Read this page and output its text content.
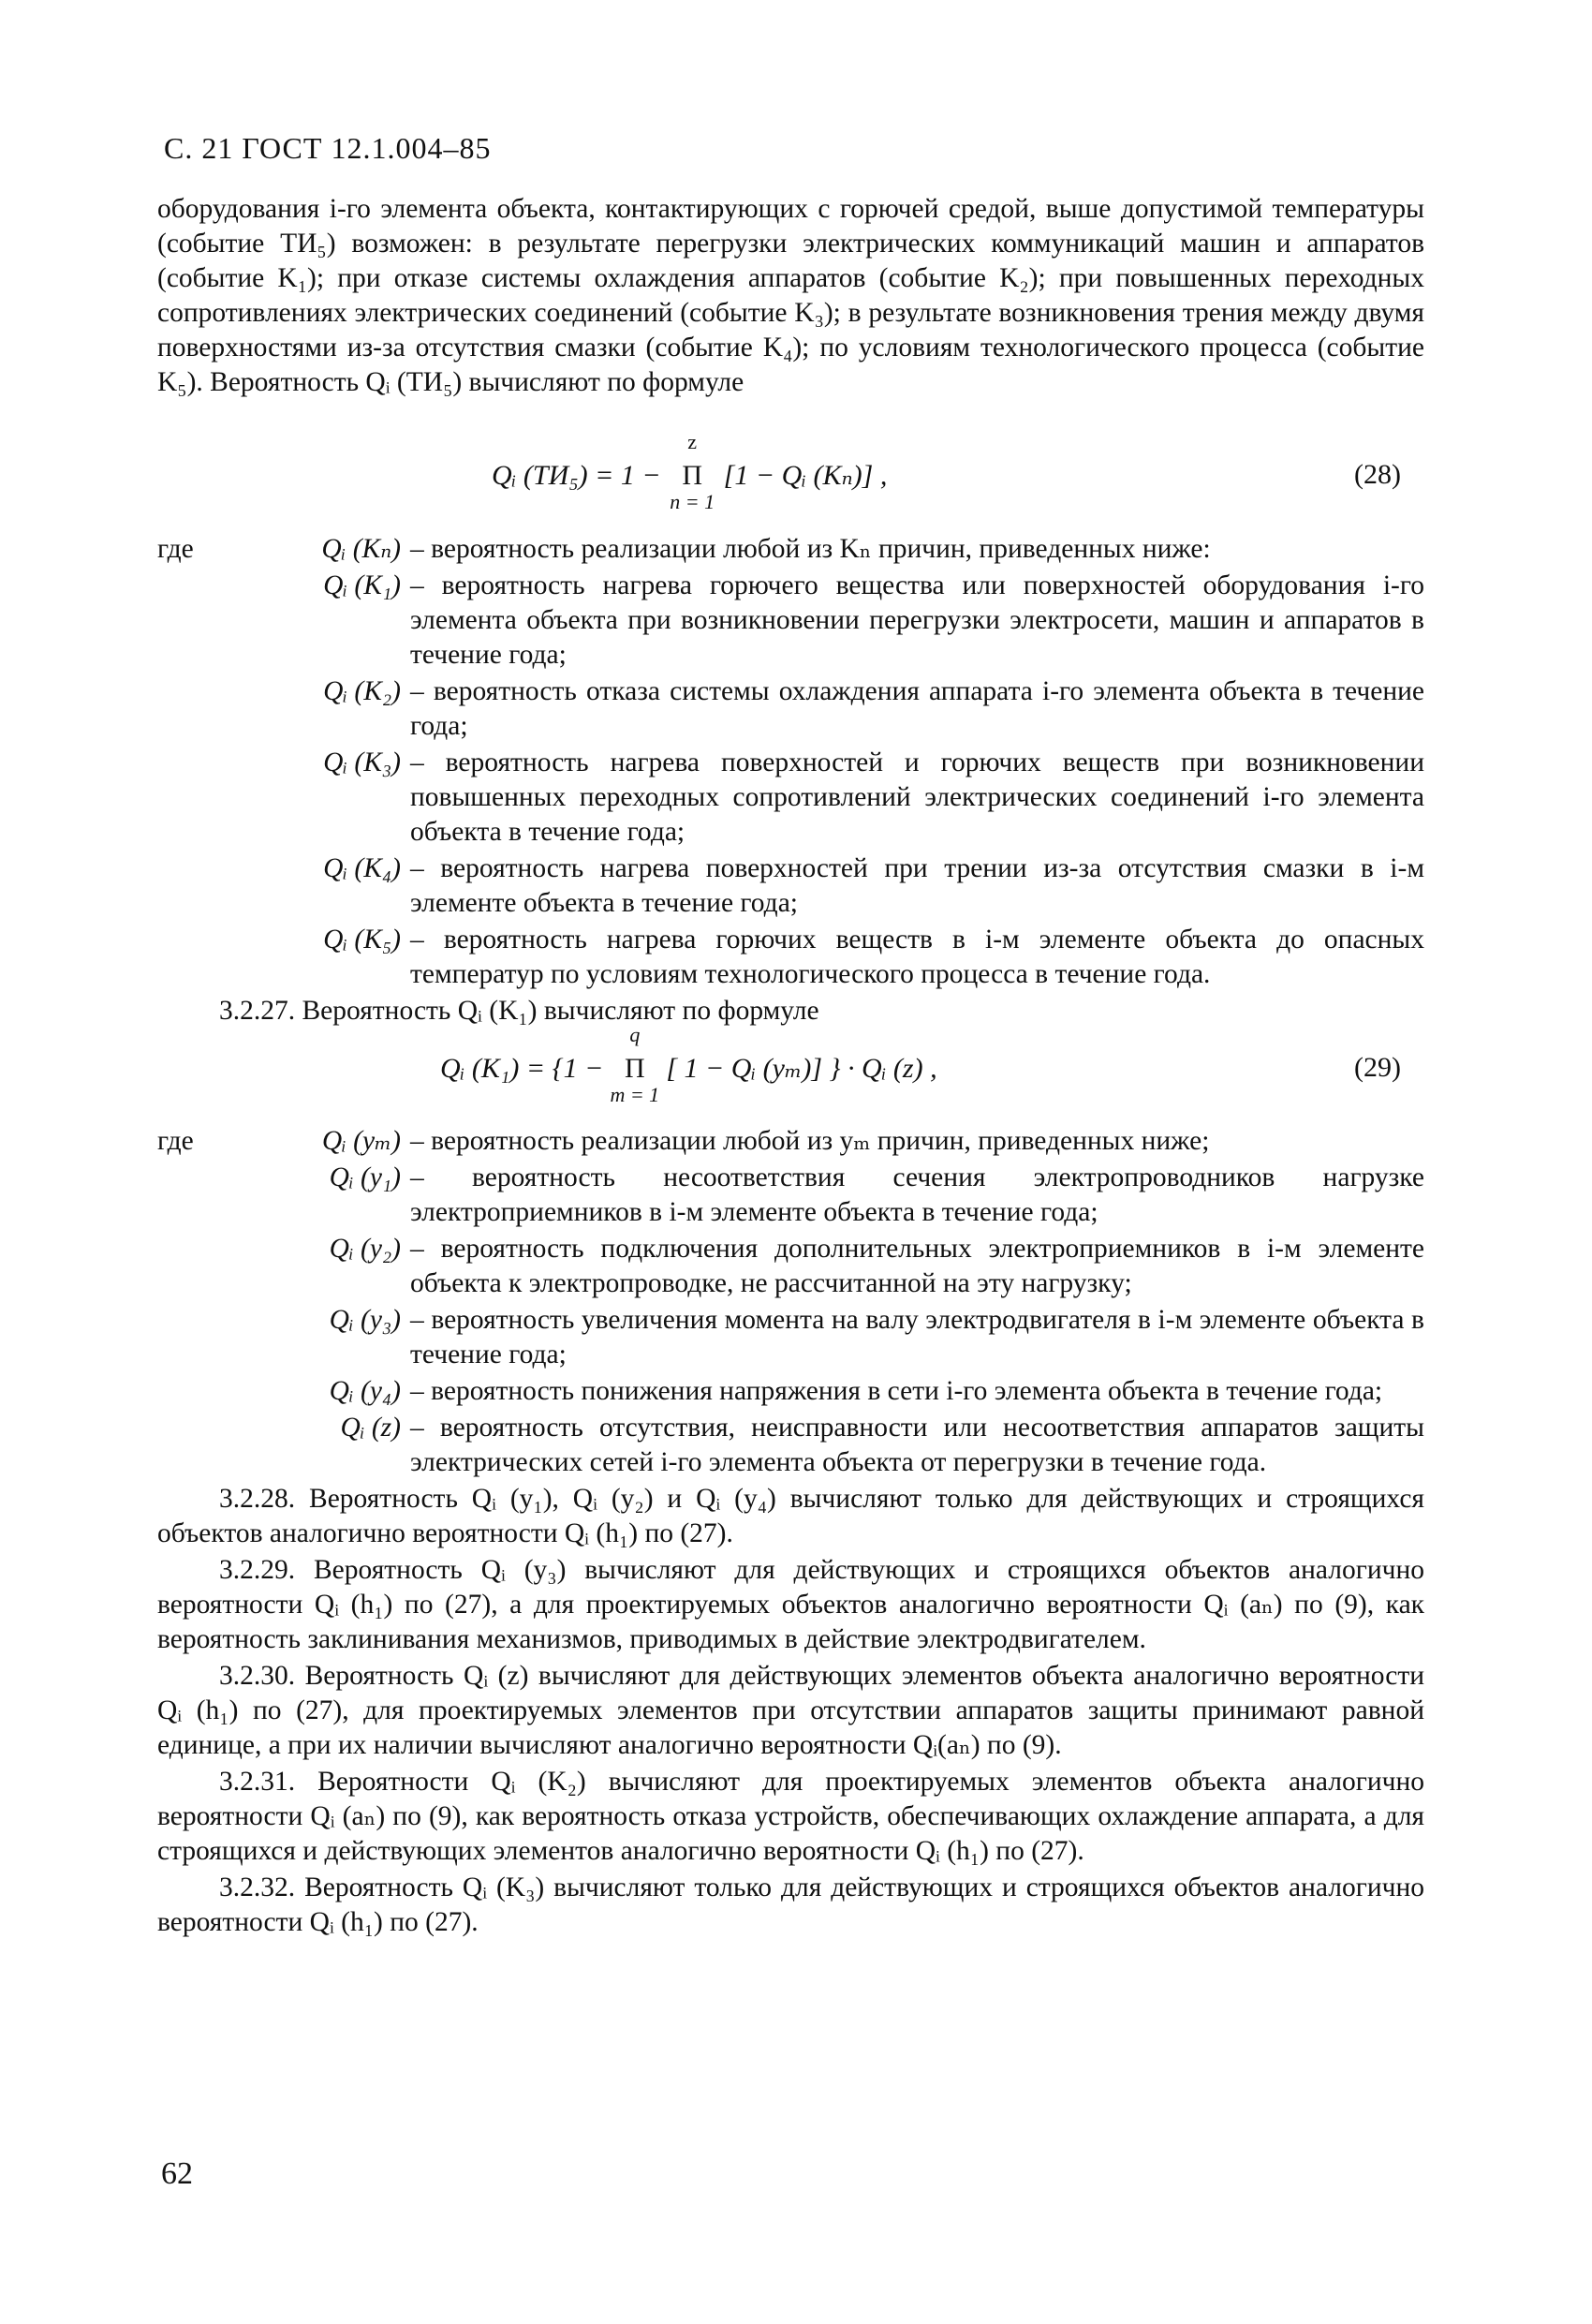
С. 21 ГОСТ 12.1.004–85

оборудования i-го элемента объекта, контактирующих с горючей средой, выше допустимой температуры (событие ТИ₅) возможен: в результате перегрузки электрических коммуникаций машин и аппаратов (событие K₁); при отказе системы охлаждения аппаратов (событие K₂); при повышенных переходных сопротивлениях электрических соединений (событие K₃); в результате возникновения трения между двумя поверхностями из-за отсутствия смазки (событие K₄); по условиям технологического процесса (событие K₅). Вероятность Qᵢ (ТИ₅) вычисляют по формуле

Qᵢ (ТИ₅) = 1 −
z
Π
n = 1
[1 − Qᵢ (Kₙ)] ,	(28)
где	Qᵢ (Kₙ) – вероятность реализации любой из Kₙ причин, приведенных ниже:
Qᵢ (K₁) – вероятность нагрева горючего вещества или поверхностей оборудования i-го элемента объекта при возникновении перегрузки электросети, машин и аппаратов в течение года;
Qᵢ (K₂) – вероятность отказа системы охлаждения аппарата i-го элемента объекта в течение года;
Qᵢ (K₃) – вероятность нагрева поверхностей и горючих веществ при возникновении повышенных переходных сопротивлений электрических соединений i-го элемента объекта в течение года;
Qᵢ (K₄) – вероятность нагрева поверхностей при трении из-за отсутствия смазки в i-м элементе объекта в течение года;
Qᵢ (K₅) – вероятность нагрева горючих веществ в i-м элементе объекта до опасных температур по условиям технологического процесса в течение года.

3.2.27. Вероятность Qᵢ (K₁) вычисляют по формуле

Qᵢ (K₁) = {1 −
q
Π
m = 1
[ 1 − Qᵢ (yₘ)] } · Qᵢ (z) ,	(29)
где	Qᵢ (yₘ) – вероятность реализации любой из yₘ причин, приведенных ниже;
Qᵢ (y₁) – вероятность несоответствия сечения электропроводников нагрузке электроприемников в i-м элементе объекта в течение года;
Qᵢ (y₂) – вероятность подключения дополнительных электроприемников в i-м элементе объекта к электропроводке, не рассчитанной на эту нагрузку;
Qᵢ (y₃) – вероятность увеличения момента на валу электродвигателя в i-м элементе объекта в течение года;
Qᵢ (y₄) – вероятность понижения напряжения в сети i-го элемента объекта в течение года;
Qᵢ (z) – вероятность отсутствия, неисправности или несоответствия аппаратов защиты электрических сетей i-го элемента объекта от перегрузки в течение года.

3.2.28. Вероятность Qᵢ (y₁), Qᵢ (y₂) и Qᵢ (y₄) вычисляют только для действующих и строящихся объектов аналогично вероятности Qᵢ (h₁) по (27).

3.2.29. Вероятность Qᵢ (y₃) вычисляют для действующих и строящихся объектов аналогично вероятности Qᵢ (h₁) по (27), а для проектируемых объектов аналогично вероятности Qᵢ (aₙ) по (9), как вероятность заклинивания механизмов, приводимых в действие электродвигателем.

3.2.30. Вероятность Qᵢ (z) вычисляют для действующих элементов объекта аналогично вероятности Qᵢ (h₁) по (27), для проектируемых элементов при отсутствии аппаратов защиты принимают равной единице, а при их наличии вычисляют аналогично вероятности Qᵢ(aₙ) по (9).

3.2.31. Вероятности Qᵢ (K₂) вычисляют для проектируемых элементов объекта аналогично вероятности Qᵢ (aₙ) по (9), как вероятность отказа устройств, обеспечивающих охлаждение аппарата, а для строящихся и действующих элементов аналогично вероятности Qᵢ (h₁) по (27).

3.2.32. Вероятность Qᵢ (K₃) вычисляют только для действующих и строящихся объектов аналогично вероятности Qᵢ (h₁) по (27).

62
